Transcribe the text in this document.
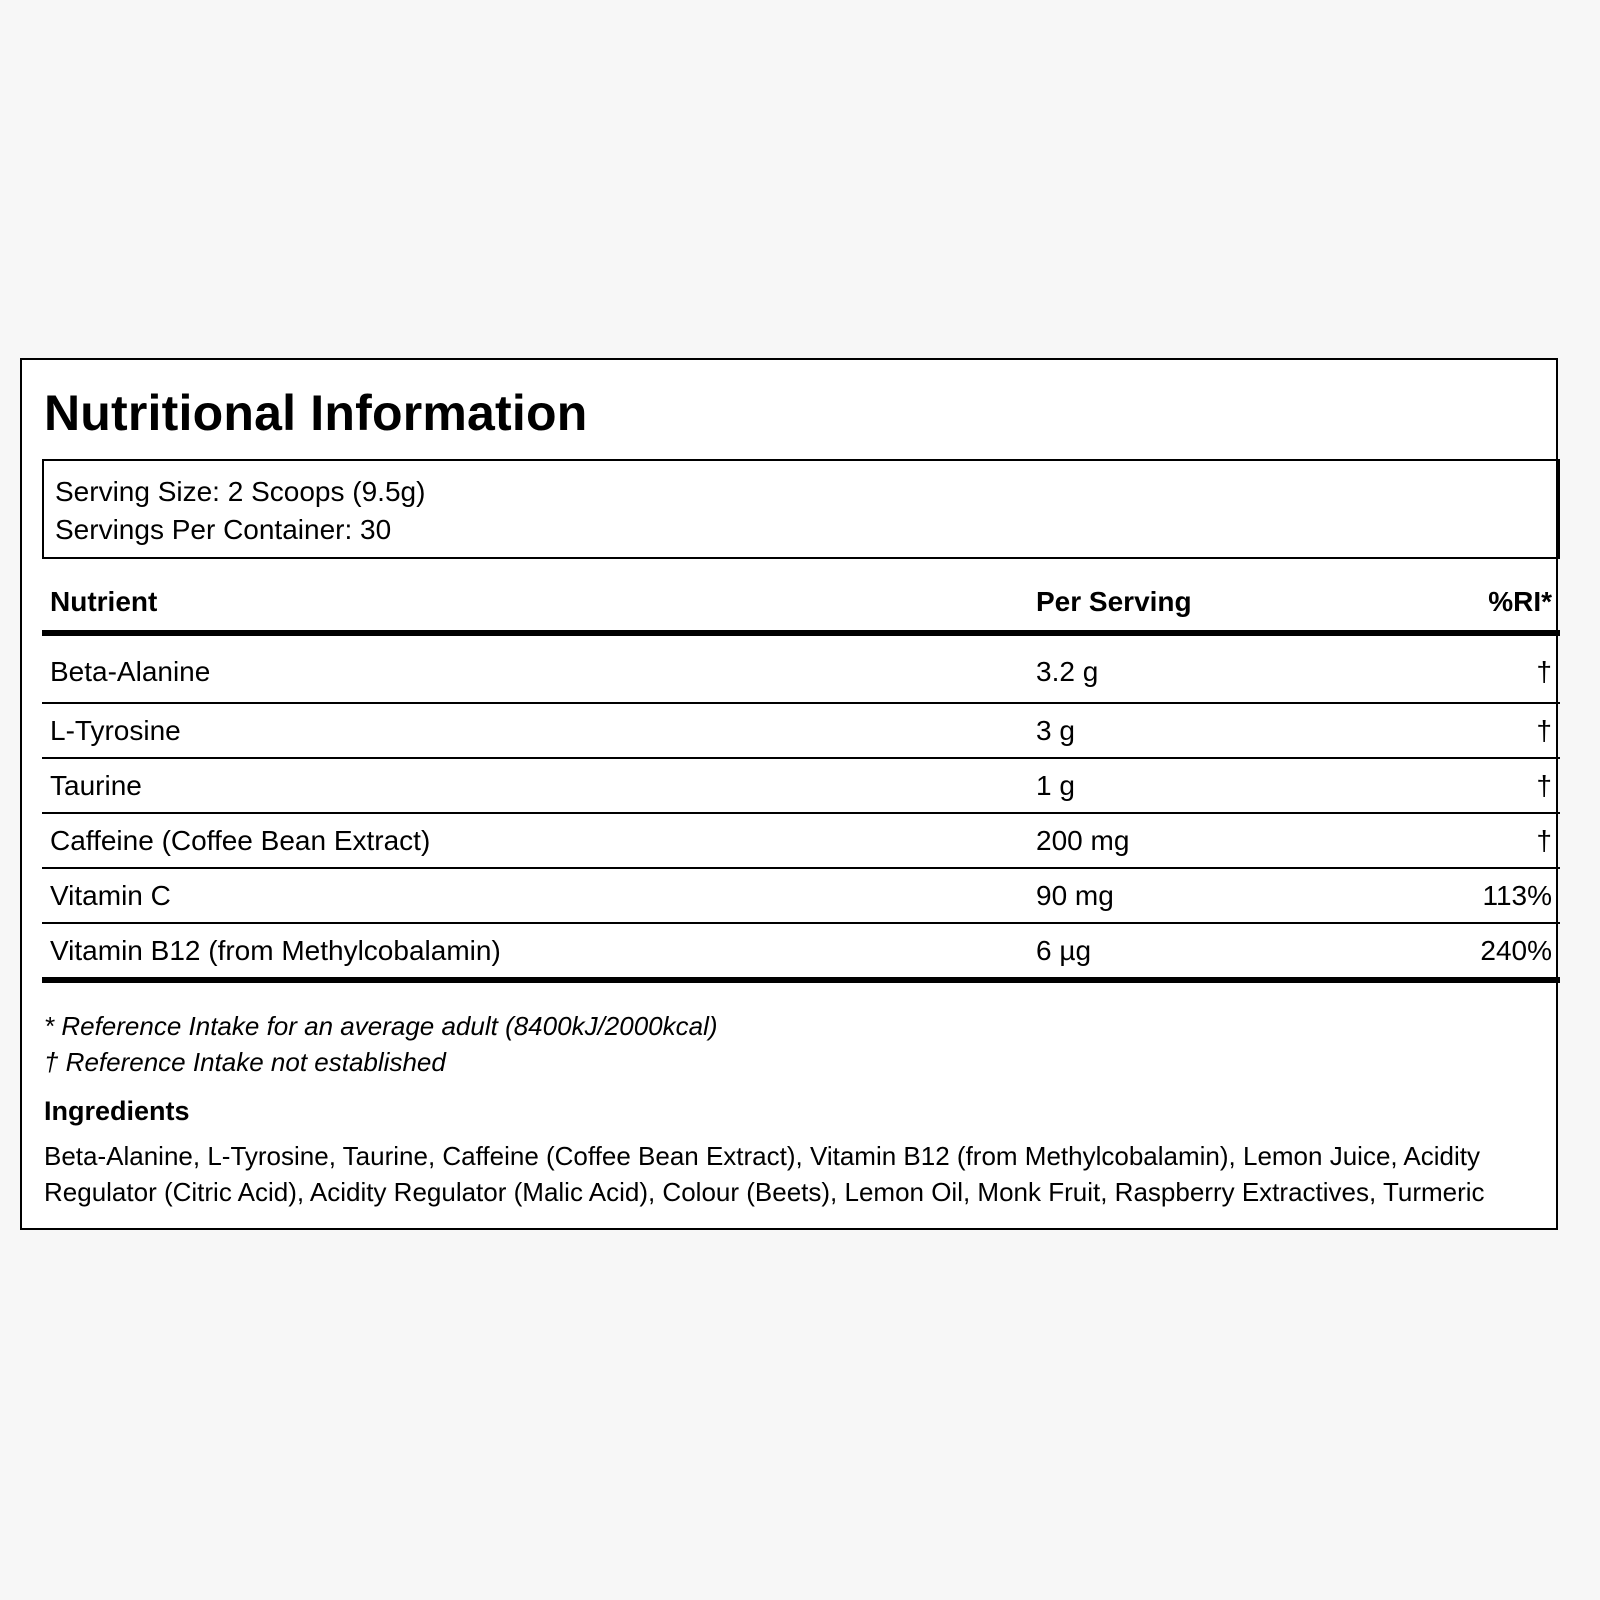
Nutritional Information
Serving Size: 2 Scoops (9.5g)
Servings Per Container: 30
Nutrient	Per Serving	%RI*
Beta-Alanine	3.2 g	†
L-Tyrosine	3 g	†
Taurine	1 g	†
Caffeine (Coffee Bean Extract)	200 mg	†
Vitamin C	90 mg	113%
Vitamin B12 (from Methylcobalamin)	6 µg	240%
* Reference Intake for an average adult (8400kJ/2000kcal)
† Reference Intake not established
Ingredients

Beta-Alanine, L-Tyrosine, Taurine, Caffeine (Coffee Bean Extract), Vitamin B12 (from Methylcobalamin), Lemon Juice, Acidity Regulator (Citric Acid), Acidity Regulator (Malic Acid), Colour (Beets), Lemon Oil, Monk Fruit, Raspberry Extractives, Turmeric
